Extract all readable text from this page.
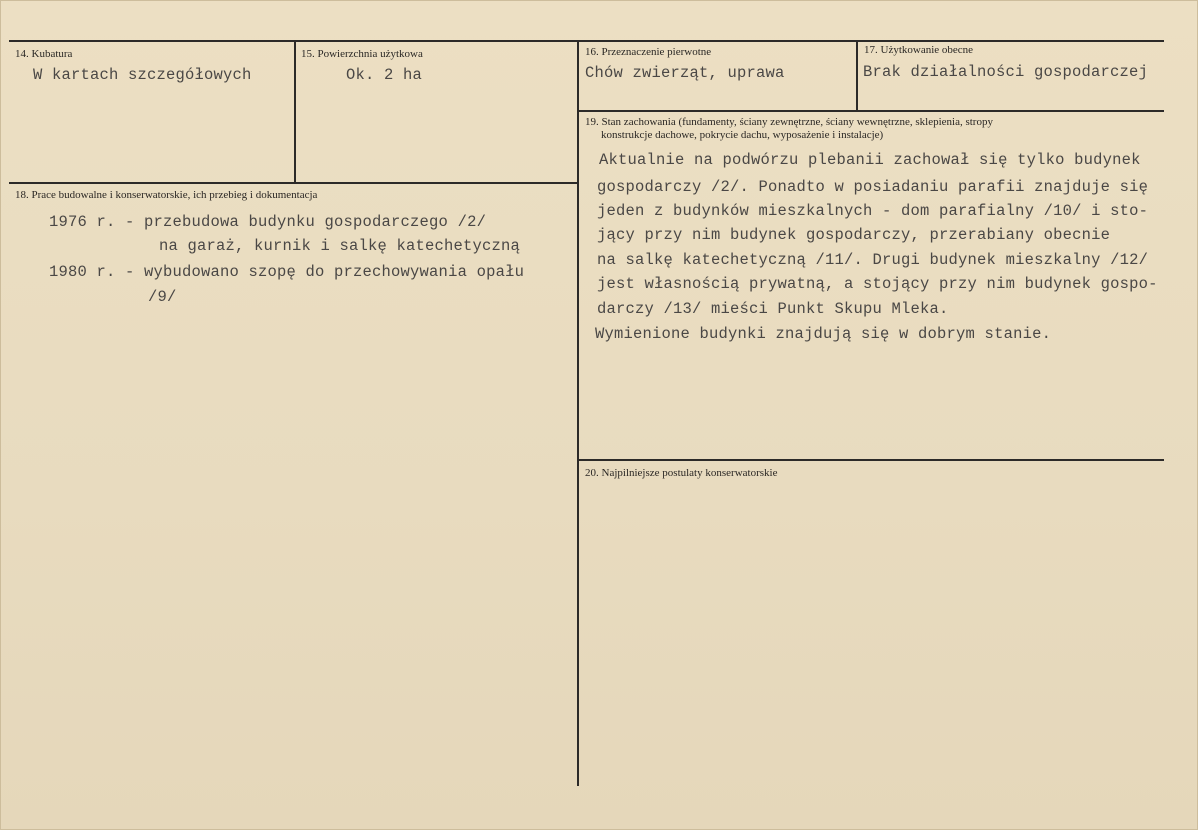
14. Kubatura
W kartach szczegółowych
15. Powierzchnia użytkowa
Ok. 2 ha
16. Przeznaczenie pierwotne
Chów zwierząt, uprawa
17. Użytkowanie obecne
Brak działalności gospodarczej
18. Prace budowalne i konserwatorskie, ich przebieg i dokumentacja
1976 r. - przebudowa budynku gospodarczego /2/
na garaż, kurnik i salkę katechetyczną
1980 r. - wybudowano szopę do przechowywania opału
/9/
19. Stan zachowania (fundamenty, ściany zewnętrzne, ściany wewnętrzne, sklepienia, stropy
konstrukcje dachowe, pokrycie dachu, wyposażenie i instalacje)
Aktualnie na podwórzu plebanii zachował się tylko budynek
gospodarczy /2/. Ponadto w posiadaniu parafii znajduje się
jeden z budynków mieszkalnych - dom parafialny /10/ i sto-
jący przy nim budynek gospodarczy, przerabiany obecnie
na salkę katechetyczną /11/. Drugi budynek mieszkalny /12/
jest własnością prywatną, a stojący przy nim budynek gospo-
darczy /13/ mieści Punkt Skupu Mleka.
Wymienione budynki znajdują się w dobrym stanie.
20. Najpilniejsze postulaty konserwatorskie
